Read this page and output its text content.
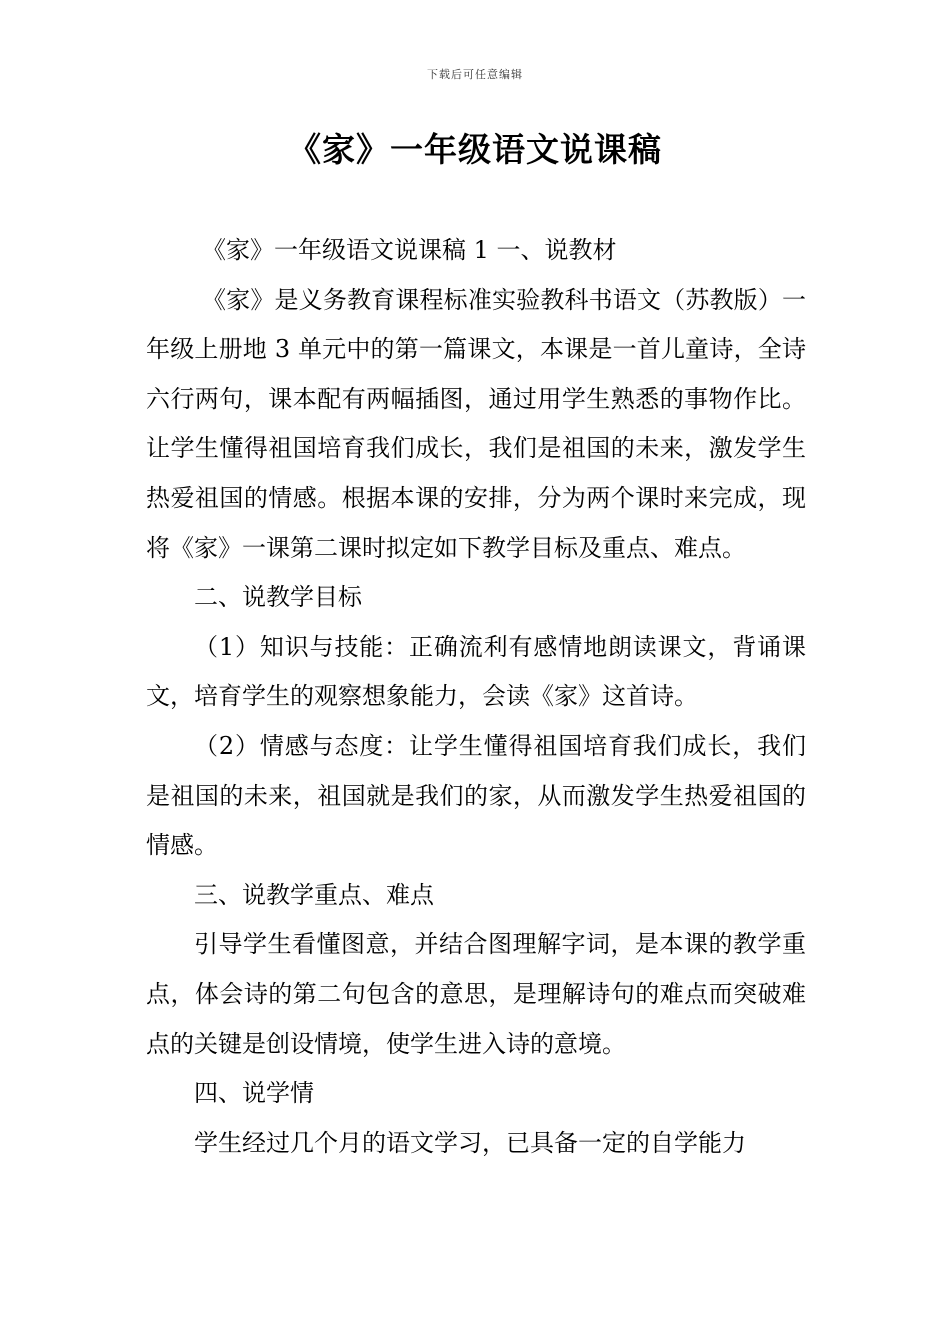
下载后可任意编辑
《家》一年级语文说课稿

《家》一年级语文说课稿 1 一、说教材

《家》是义务教育课程标准实验教科书语文（苏教版）一年级上册地 3 单元中的第一篇课文，本课是一首儿童诗，全诗六行两句，课本配有两幅插图，通过用学生熟悉的事物作比。让学生懂得祖国培育我们成长，我们是祖国的未来，激发学生热爱祖国的情感。根据本课的安排，分为两个课时来完成，现将《家》一课第二课时拟定如下教学目标及重点、难点。

二、说教学目标

（1）知识与技能：正确流利有感情地朗读课文，背诵课文，培育学生的观察想象能力，会读《家》这首诗。

（2）情感与态度：让学生懂得祖国培育我们成长，我们是祖国的未来，祖国就是我们的家，从而激发学生热爱祖国的情感。

三、说教学重点、难点

引导学生看懂图意，并结合图理解字词，是本课的教学重点，体会诗的第二句包含的意思，是理解诗句的难点而突破难点的关键是创设情境，使学生进入诗的意境。

四、说学情

学生经过几个月的语文学习，已具备一定的自学能力
